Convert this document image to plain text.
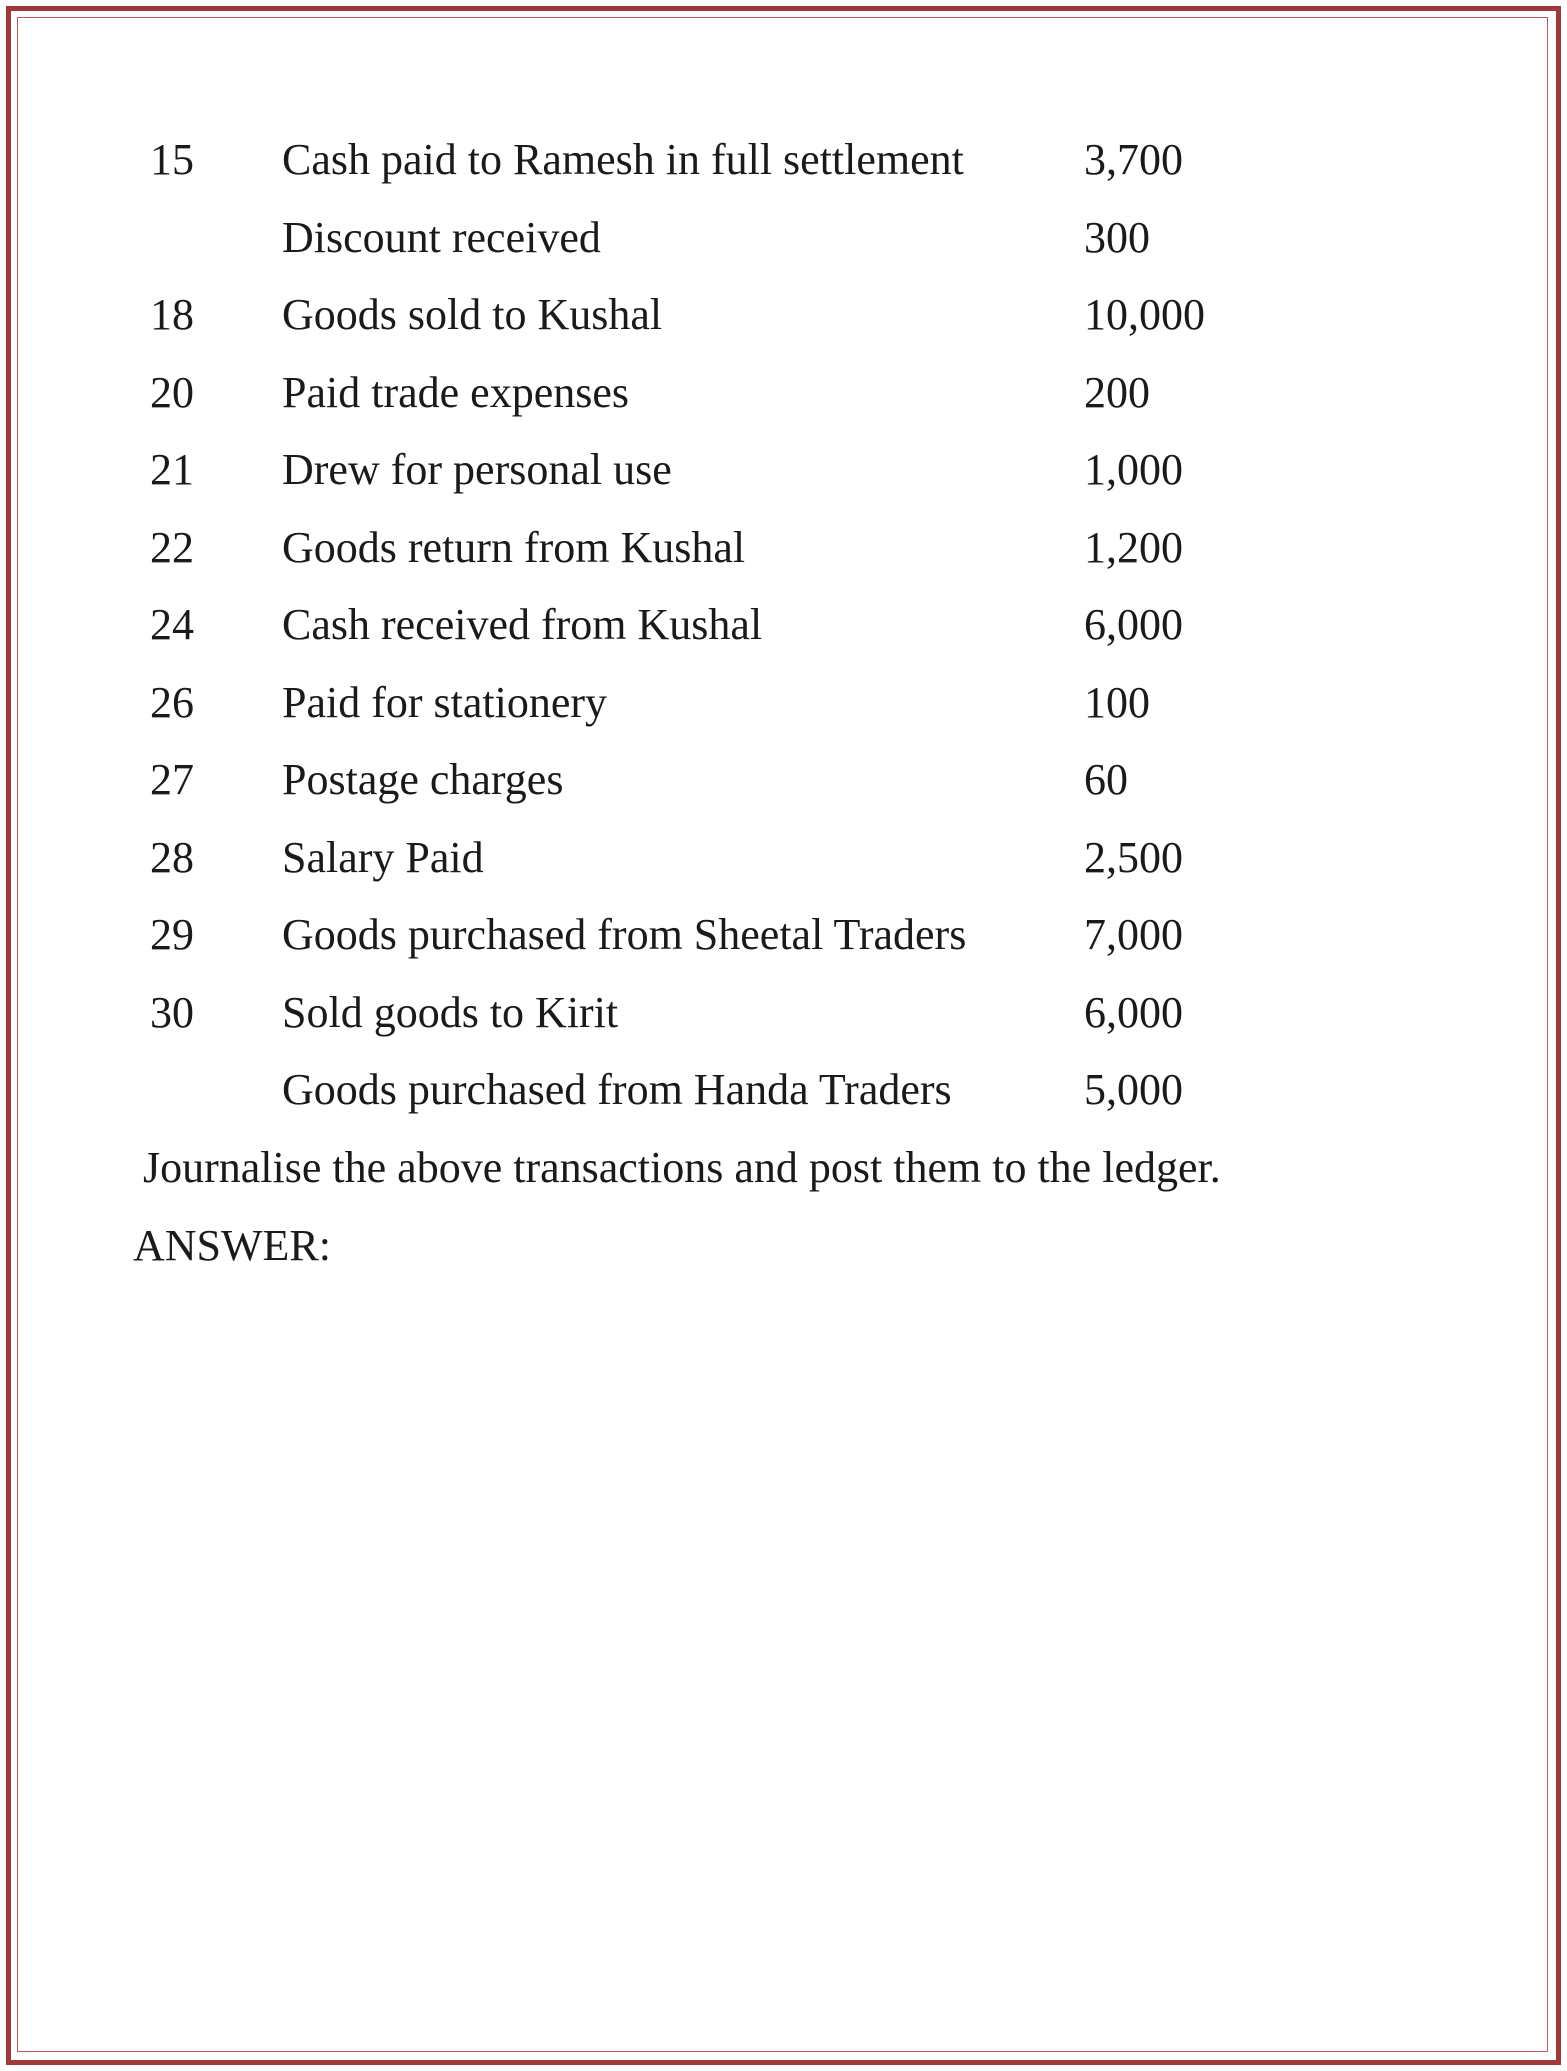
15 Cash paid to Ramesh in full settlement	3,700
Discount received	300
18 Goods sold to Kushal	10,000
20 Paid trade expenses	200
21 Drew for personal use	1,000
22 Goods return from Kushal	1,200
24 Cash received from Kushal	6,000
26 Paid for stationery	100
27 Postage charges	60
28 Salary Paid	2,500
29 Goods purchased from Sheetal Traders	7,000
30 Sold goods to Kirit	6,000
Goods purchased from Handa Traders	5,000
Journalise the above transactions and post them to the ledger.
ANSWER:
